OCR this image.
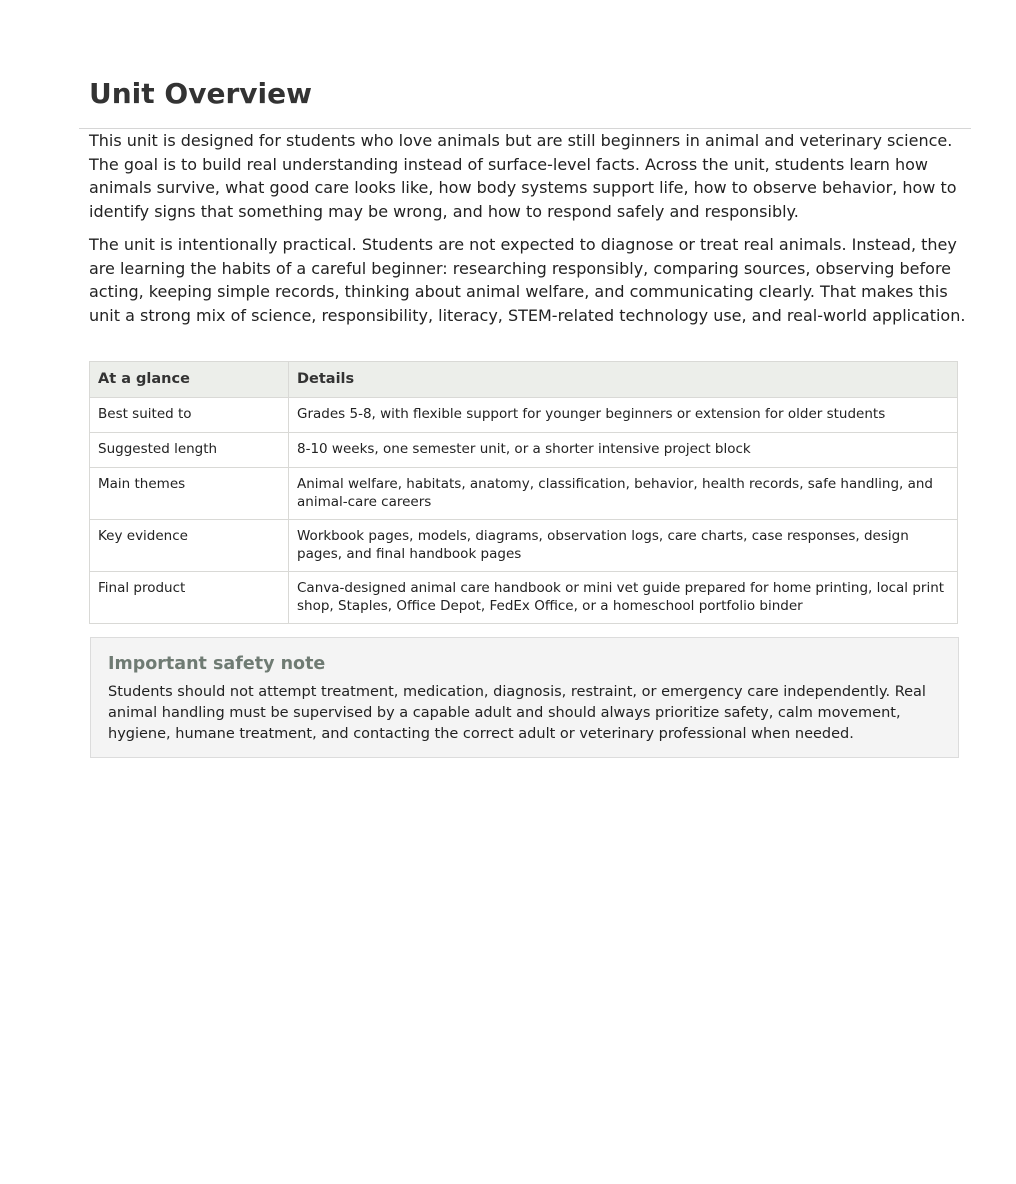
Unit Overview

This unit is designed for students who love animals but are still beginners in animal and veterinary science. The goal is to build real understanding instead of surface-level facts. Across the unit, students learn how animals survive, what good care looks like, how body systems support life, how to observe behavior, how to identify signs that something may be wrong, and how to respond safely and responsibly.

The unit is intentionally practical. Students are not expected to diagnose or treat real animals. Instead, they are learning the habits of a careful beginner: researching responsibly, comparing sources, observing before acting, keeping simple records, thinking about animal welfare, and communicating clearly. That makes this unit a strong mix of science, responsibility, literacy, STEM-related technology use, and real-world application.

At a glance	Details
Best suited to	Grades 5-8, with flexible support for younger beginners or extension for older students
Suggested length	8-10 weeks, one semester unit, or a shorter intensive project block
Main themes	Animal welfare, habitats, anatomy, classification, behavior, health records, safe handling, and animal-care careers
Key evidence	Workbook pages, models, diagrams, observation logs, care charts, case responses, design pages, and final handbook pages
Final product	Canva-designed animal care handbook or mini vet guide prepared for home printing, local print shop, Staples, Office Depot, FedEx Office, or a homeschool portfolio binder
Important safety note

Students should not attempt treatment, medication, diagnosis, restraint, or emergency care independently. Real animal handling must be supervised by a capable adult and should always prioritize safety, calm movement, hygiene, humane treatment, and contacting the correct adult or veterinary professional when needed.
